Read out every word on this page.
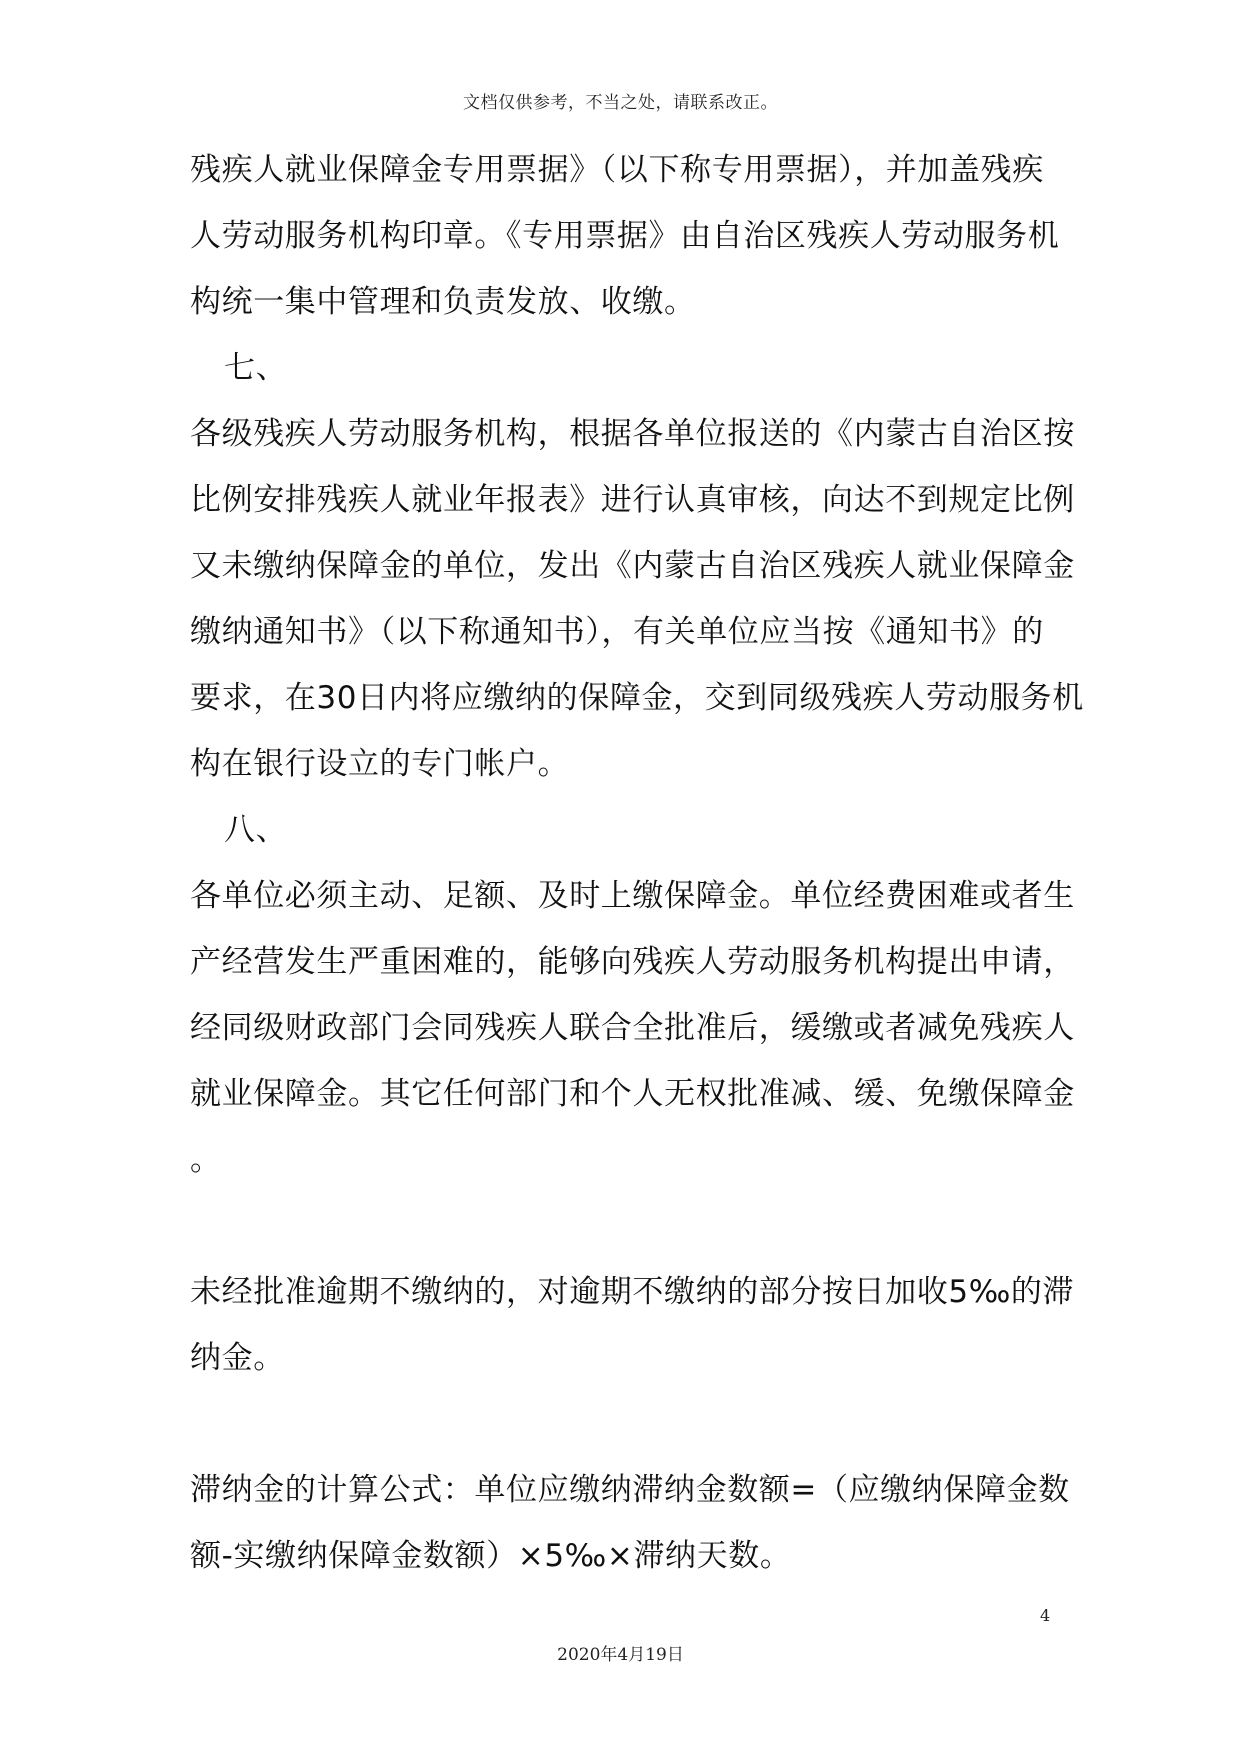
文档仅供参考，不当之处，请联系改正。
残疾人就业保障金专用票据》（以下称专用票据），并加盖残疾
人劳动服务机构印章。《专用票据》由自治区残疾人劳动服务机
构统一集中管理和负责发放、收缴。
七、
各级残疾人劳动服务机构，根据各单位报送的《内蒙古自治区按
比例安排残疾人就业年报表》进行认真审核，向达不到规定比例
又未缴纳保障金的单位，发出《内蒙古自治区残疾人就业保障金
缴纳通知书》（以下称通知书），有关单位应当按《通知书》的
要求，在30日内将应缴纳的保障金，交到同级残疾人劳动服务机
构在银行设立的专门帐户。
八、
各单位必须主动、足额、及时上缴保障金。单位经费困难或者生
产经营发生严重困难的，能够向残疾人劳动服务机构提出申请，
经同级财政部门会同残疾人联合全批准后，缓缴或者减免残疾人
就业保障金。其它任何部门和个人无权批准减、缓、免缴保障金
。
未经批准逾期不缴纳的，对逾期不缴纳的部分按日加收5‰的滞
纳金。
滞纳金的计算公式：单位应缴纳滞纳金数额=（应缴纳保障金数
额-实缴纳保障金数额）×5‰×滞纳天数。
4
2020年4月19日
